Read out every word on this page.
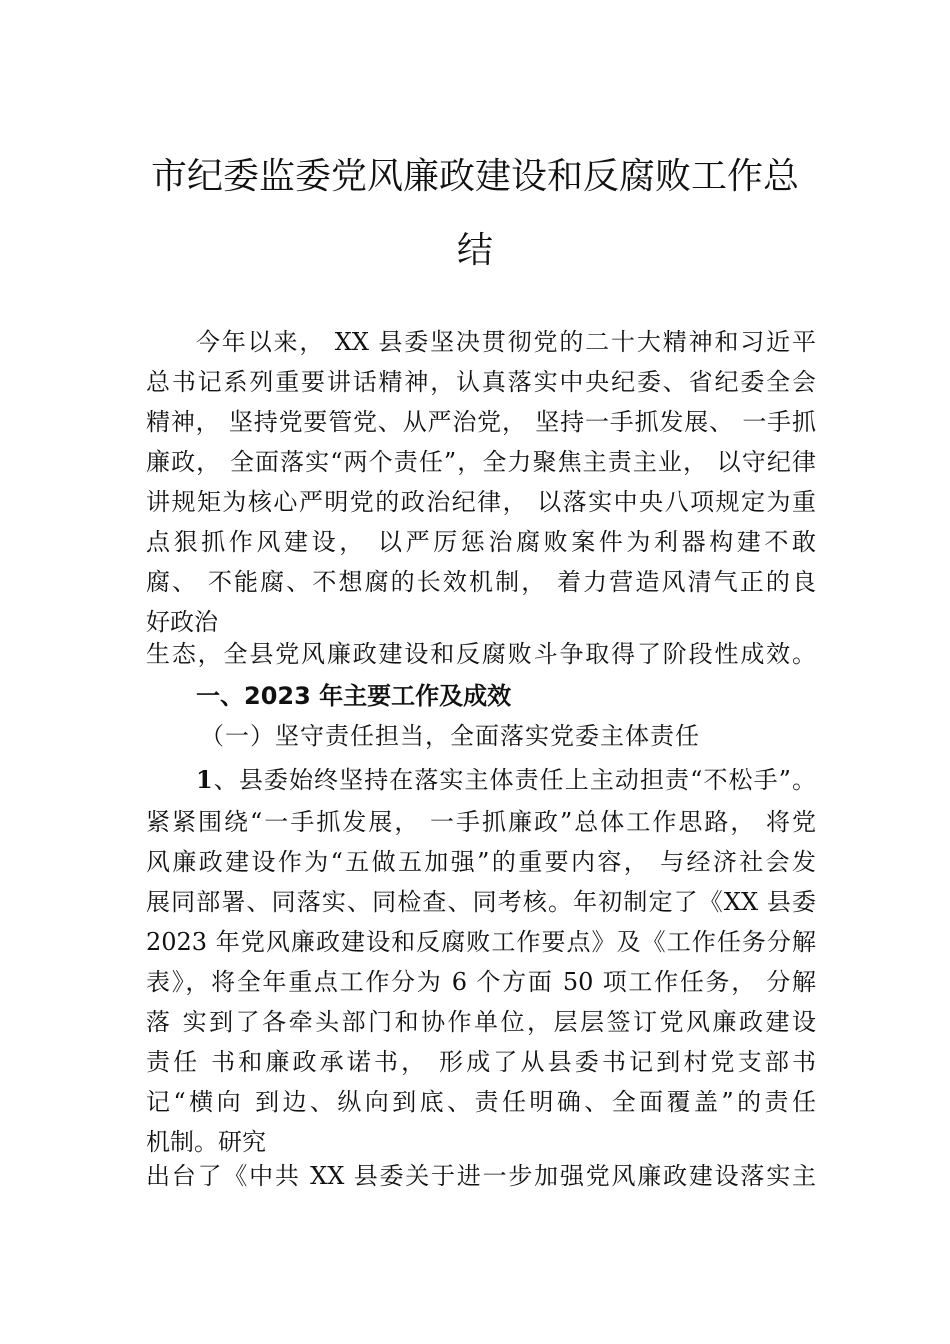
市纪委监委党风廉政建设和反腐败工作总
结
今年以来， XX 县委坚决贯彻党的二十大精神和习近平
总书记系列重要讲话精神，认真落实中央纪委、省纪委全会
精神， 坚持党要管党、从严治党， 坚持一手抓发展、 一手抓
廉政， 全面落实“两个责任”，全力聚焦主责主业， 以守纪律
讲规矩为核心严明党的政治纪律， 以落实中央八项规定为重
点狠抓作风建设， 以严厉惩治腐败案件为利器构建不敢
腐、 不能腐、不想腐的长效机制， 着力营造风清气正的良
好政治
生态，全县党风廉政建设和反腐败斗争取得了阶段性成效。
一、2023 年主要工作及成效
（一）坚守责任担当，全面落实党委主体责任
1、县委始终坚持在落实主体责任上主动担责“不松手”。
紧紧围绕“一手抓发展， 一手抓廉政”总体工作思路， 将党
风廉政建设作为“五做五加强”的重要内容， 与经济社会发
展同部署、同落实、同检查、同考核。年初制定了《XX 县委
2023 年党风廉政建设和反腐败工作要点》及《工作任务分解
表》，将全年重点工作分为 6 个方面 50 项工作任务， 分解
落 实到了各牵头部门和协作单位，层层签订党风廉政建设
责任 书和廉政承诺书， 形成了从县委书记到村党支部书
记“横向 到边、纵向到底、责任明确、全面覆盖”的责任
机制。研究
出台了《中共 XX 县委关于进一步加强党风廉政建设落实主
